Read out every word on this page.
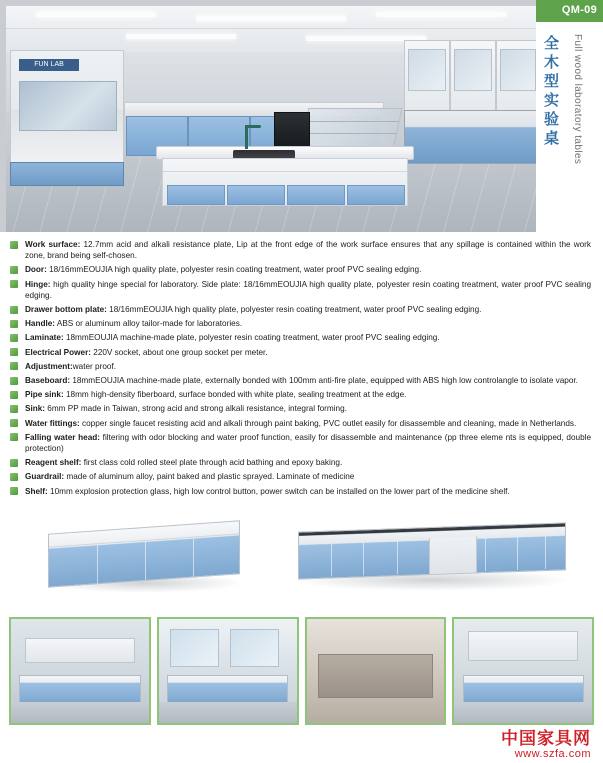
FUN LAB
QM-09
全木型实验桌	Full wood laboratory tables
Work surface: 12.7mm acid and alkali resistance plate, Lip at the front edge of the work surface ensures that any spillage is contained within the work zone, brand being self-chosen.
Door: 18/16mmEOUJIA high quality plate, polyester resin coating treatment, water proof PVC sealing edging.
Hinge: high quality hinge special for laboratory. Side plate: 18/16mmEOUJIA high quality plate, polyester resin coating treatment, water proof PVC sealing edging.
Drawer bottom plate: 18/16mmEOUJIA high quality plate, polyester resin coating treatment, water proof PVC sealing edging.
Handle: ABS or aluminum alloy tailor-made for laboratories.
Laminate: 18mmEOUJIA machine-made plate, polyester resin coating treatment, water proof PVC sealing edging.
Electrical Power: 220V socket, about one group socket per meter.
Adjustment:water proof.
Baseboard: 18mmEOUJIA machine-made plate, externally bonded with 100mm anti-fire plate, equipped with ABS high low controlangle to isolate vapor.
Pipe sink: 18mm high-density fiberboard, surface bonded with white plate, sealing treatment at the edge.
Sink: 6mm PP made in Taiwan, strong acid and strong alkali resistance, integral forming.
Water fittings: copper single faucet resisting acid and alkali through paint baking, PVC outlet easily for disassemble and cleaning, made in Netherlands.
Falling water head: filtering with odor blocking and water proof function, easily for disassemble and maintenance (pp three eleme nts is equipped, double protection)
Reagent shelf: first class cold rolled steel plate through acid bathing and epoxy baking.
Guardrail: made of aluminum alloy, paint baked and plastic sprayed. Laminate of medicine
Shelf: 10mm explosion protection glass, high low control button, power switch can be installed on the lower part of the medicine shelf.
中国家具网
www.szfa.com
